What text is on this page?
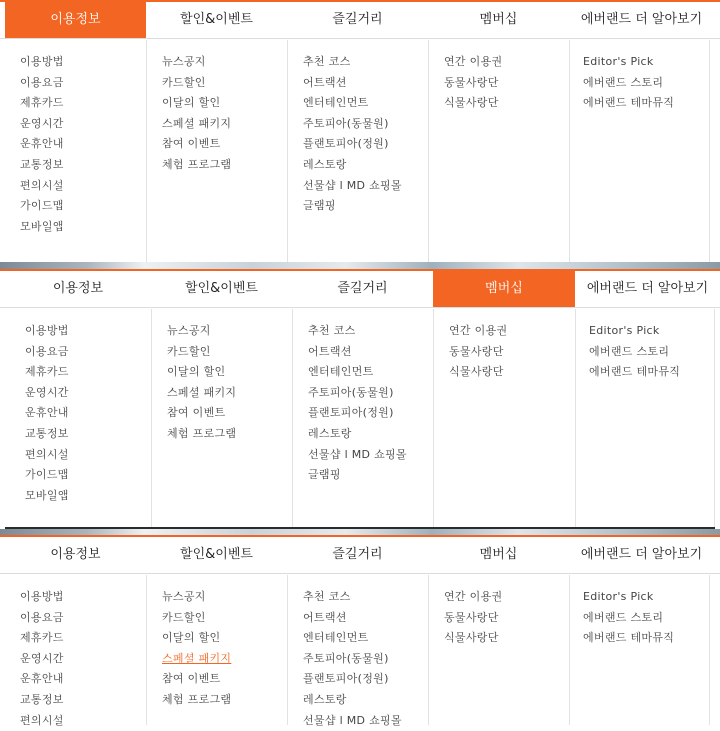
이용정보	할인&이벤트	즐길거리	멤버십	에버랜드 더 알아보기
이용방법
이용요금
제휴카드
운영시간
운휴안내
교통정보
편의시설
가이드맵
모바일앱
뉴스공지
카드할인
이달의 할인
스페셜 패키지
참여 이벤트
체험 프로그램
추천 코스
어트랙션
엔터테인먼트
주토피아(동물원)
플랜토피아(정원)
레스토랑
선물샵 l MD 쇼핑몰
글램핑
연간 이용권
동물사랑단
식물사랑단
Editor's Pick
에버랜드 스토리
에버랜드 테마뮤직
이용정보	할인&이벤트	즐길거리	멤버십	에버랜드 더 알아보기
이용방법
이용요금
제휴카드
운영시간
운휴안내
교통정보
편의시설
가이드맵
모바일앱
뉴스공지
카드할인
이달의 할인
스페셜 패키지
참여 이벤트
체험 프로그램
추천 코스
어트랙션
엔터테인먼트
주토피아(동물원)
플랜토피아(정원)
레스토랑
선물샵 l MD 쇼핑몰
글램핑
연간 이용권
동물사랑단
식물사랑단
Editor's Pick
에버랜드 스토리
에버랜드 테마뮤직
이용정보	할인&이벤트	즐길거리	멤버십	에버랜드 더 알아보기
이용방법
이용요금
제휴카드
운영시간
운휴안내
교통정보
편의시설
뉴스공지
카드할인
이달의 할인
스페셜 패키지
참여 이벤트
체험 프로그램
추천 코스
어트랙션
엔터테인먼트
주토피아(동물원)
플랜토피아(정원)
레스토랑
선물샵 l MD 쇼핑몰
연간 이용권
동물사랑단
식물사랑단
Editor's Pick
에버랜드 스토리
에버랜드 테마뮤직
